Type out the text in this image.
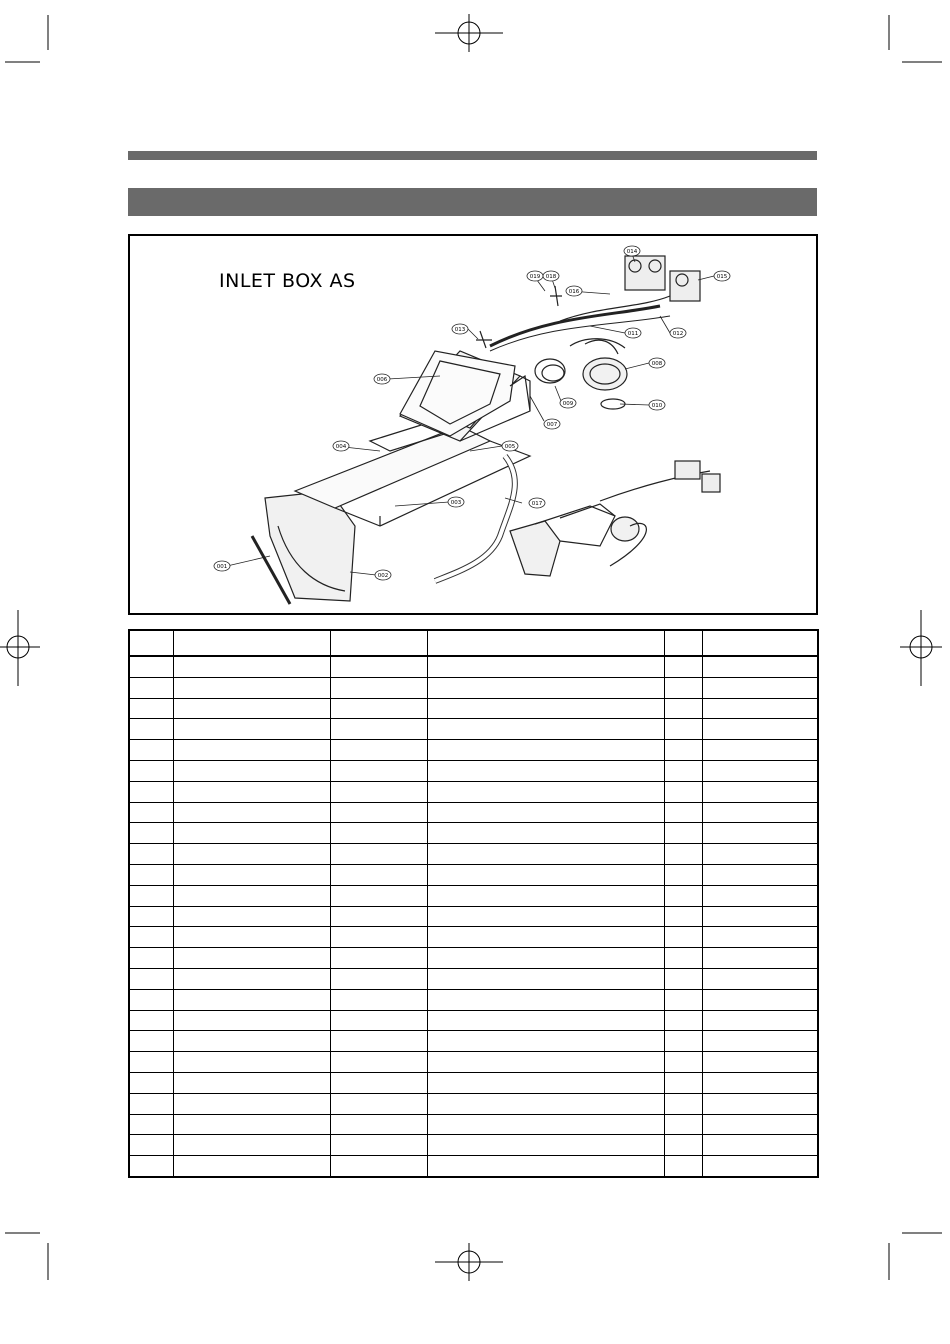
INLET BOX AS
001
002
003
004	005
006
007
008
009	010
011	012
013
014
015
016
017
018
019
